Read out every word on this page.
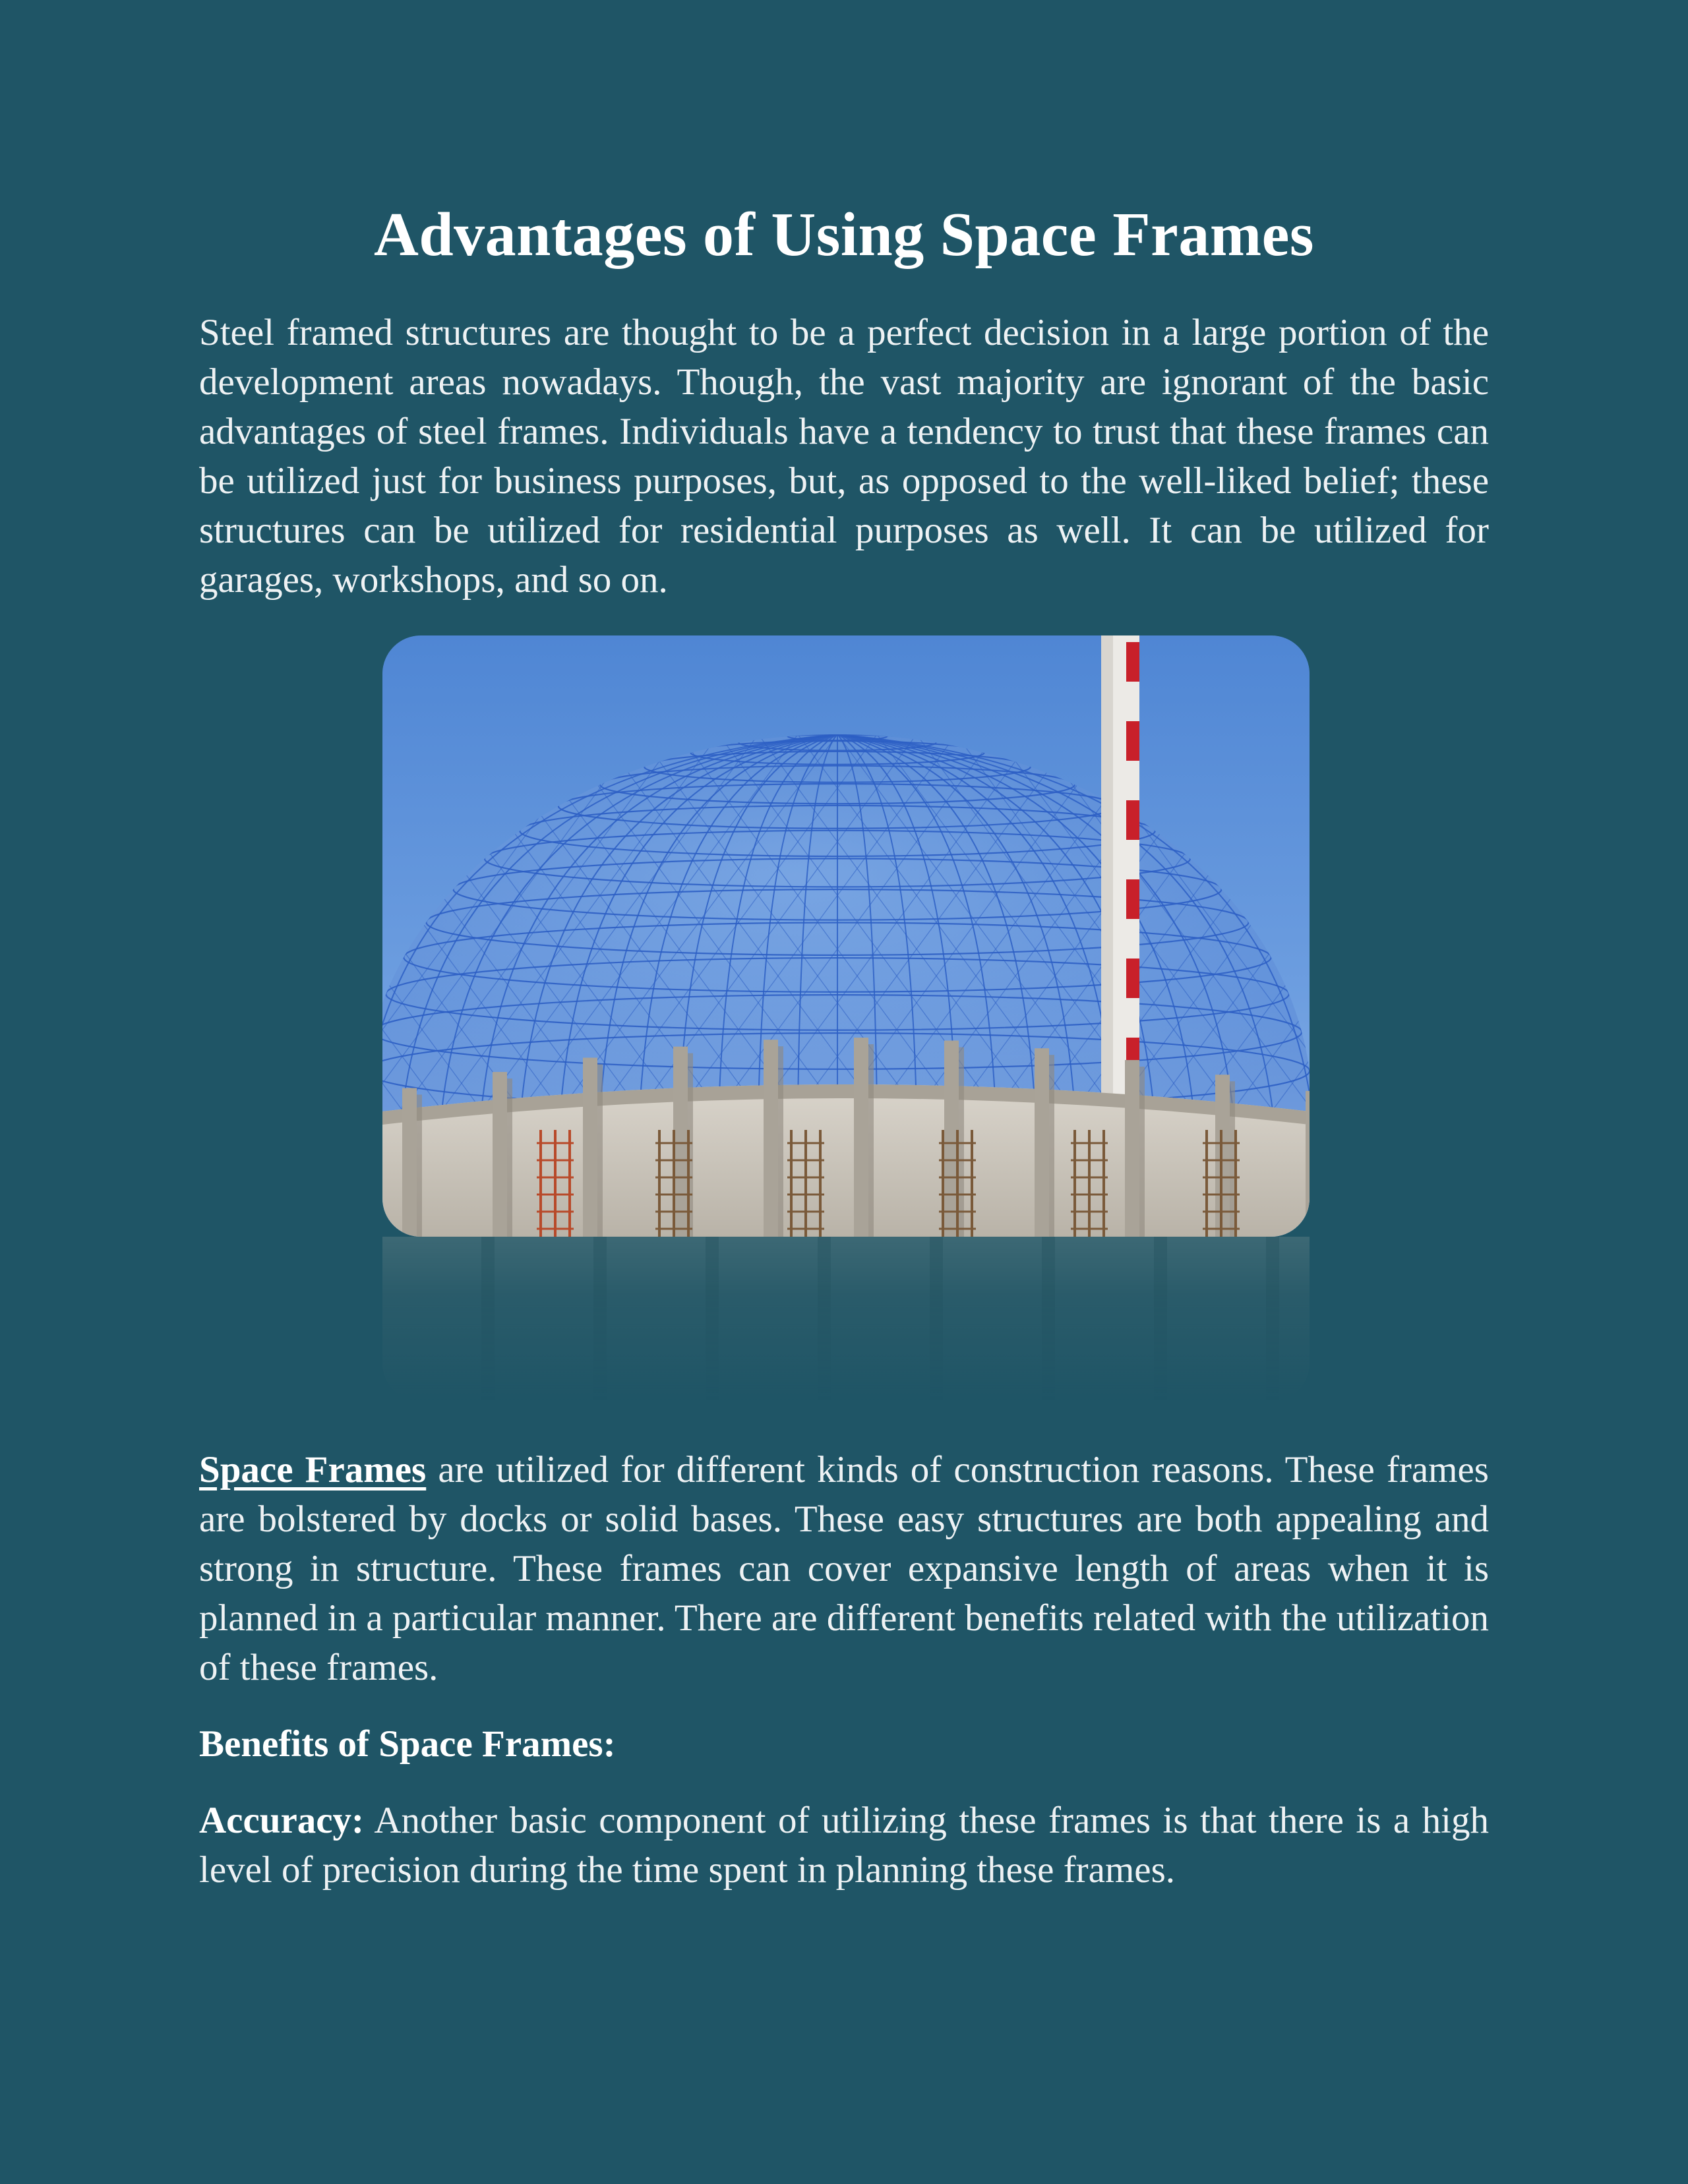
Advantages of Using Space Frames

Steel framed structures are thought to be a perfect decision in a large portion of the development areas nowadays. Though, the vast majority are ignorant of the basic advantages of steel frames. Individuals have a tendency to trust that these frames can be utilized just for business purposes, but, as opposed to the well-liked belief; these structures can be utilized for residential purposes as well. It can be utilized for garages, workshops, and so on.

Space Frames are utilized for different kinds of construction reasons. These frames are bolstered by docks or solid bases. These easy structures are both appealing and strong in structure. These frames can cover expansive length of areas when it is planned in a particular manner. There are different benefits related with the utilization of these frames.

Benefits of Space Frames:

Accuracy: Another basic component of utilizing these frames is that there is a high level of precision during the time spent in planning these frames.
